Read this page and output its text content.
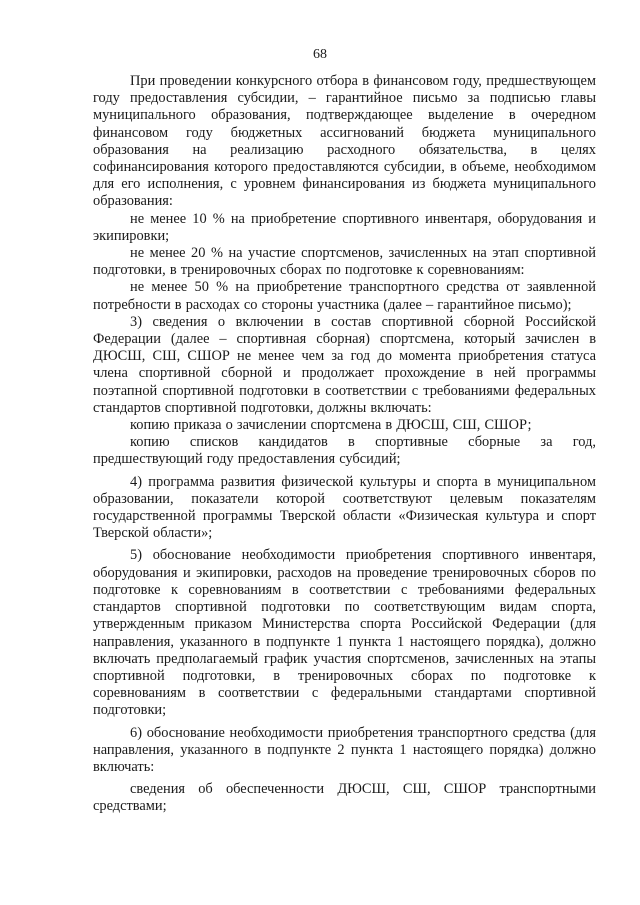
68

При проведении конкурсного отбора в финансовом году, предшествующем году предоставления субсидии, – гарантийное письмо за подписью главы муниципального образования, подтверждающее выделение в очередном финансовом году бюджетных ассигнований бюджета муниципального образования на реализацию расходного обязательства, в целях софинансирования которого предоставляются субсидии, в объеме, необходимом для его исполнения, с уровнем финансирования из бюджета муниципального образования:

не менее 10 % на приобретение спортивного инвентаря, оборудования и экипировки;

не менее 20 % на участие спортсменов, зачисленных на этап спортивной подготовки, в тренировочных сборах по подготовке к соревнованиям:

не менее 50 % на приобретение транспортного средства от заявленной потребности в расходах со стороны участника (далее – гарантийное письмо);

3) сведения о включении в состав спортивной сборной Российской Федерации (далее – спортивная сборная) спортсмена, который зачислен в ДЮСШ, СШ, СШОР не менее чем за год до момента приобретения статуса члена спортивной сборной и продолжает прохождение в ней программы поэтапной спортивной подготовки в соответствии с требованиями федеральных стандартов спортивной подготовки, должны включать:

копию приказа о зачислении спортсмена в ДЮСШ, СШ, СШОР;

копию списков кандидатов в спортивные сборные за год, предшествующий году предоставления субсидий;

4) программа развития физической культуры и спорта в муниципальном образовании, показатели которой соответствуют целевым показателям государственной программы Тверской области «Физическая культура и спорт Тверской области»;

5) обоснование необходимости приобретения спортивного инвентаря, оборудования и экипировки, расходов на проведение тренировочных сборов по подготовке к соревнованиям в соответствии с требованиями федеральных стандартов спортивной подготовки по соответствующим видам спорта, утвержденным приказом Министерства спорта Российской Федерации (для направления, указанного в подпункте 1 пункта 1 настоящего порядка), должно включать предполагаемый график участия спортсменов, зачисленных на этапы спортивной подготовки, в тренировочных сборах по подготовке к соревнованиям в соответствии с федеральными стандартами спортивной подготовки;

6) обоснование необходимости приобретения транспортного средства (для направления, указанного в подпункте 2 пункта 1 настоящего порядка) должно включать:

сведения об обеспеченности ДЮСШ, СШ, СШОР транспортными средствами;
